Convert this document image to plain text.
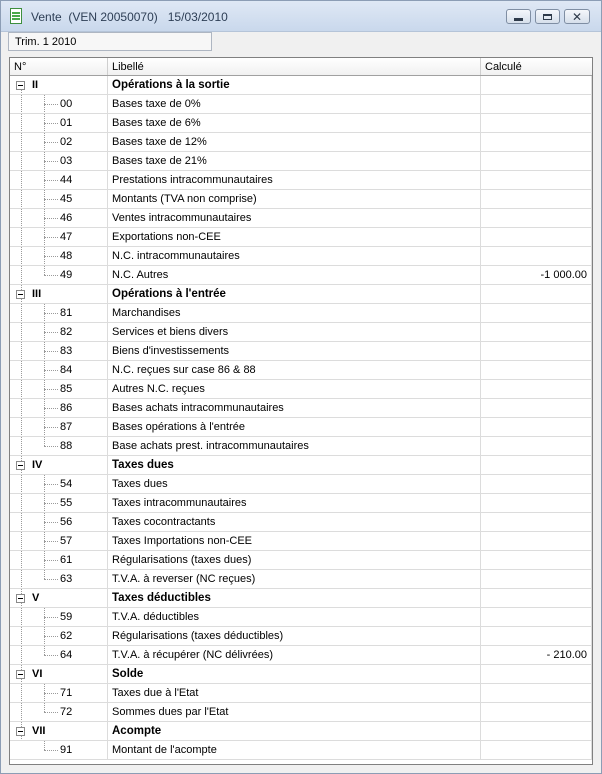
Vente  (VEN 20050070)   15/03/2010	✕
Trim. 1 2010
N°	Libellé	Calculé
II	Opérations à la sortie
00	Bases taxe de 0%
01	Bases taxe de 6%
02	Bases taxe de 12%
03	Bases taxe de 21%
44	Prestations intracommunautaires
45	Montants (TVA non comprise)
46	Ventes intracommunautaires
47	Exportations non-CEE
48	N.C. intracommunautaires
49	N.C. Autres	-1 000.00
III	Opérations à l'entrée
81	Marchandises
82	Services et biens divers
83	Biens d'investissements
84	N.C. reçues sur case 86 & 88
85	Autres N.C. reçues
86	Bases achats intracommunautaires
87	Bases opérations à l'entrée
88	Base achats prest. intracommunautaires
IV	Taxes dues
54	Taxes dues
55	Taxes intracommunautaires
56	Taxes cocontractants
57	Taxes Importations non-CEE
61	Régularisations (taxes dues)
63	T.V.A. à reverser (NC reçues)
V	Taxes déductibles
59	T.V.A. déductibles
62	Régularisations (taxes déductibles)
64	T.V.A. à récupérer (NC délivrées)	- 210.00
VI	Solde
71	Taxes due à l'Etat
72	Sommes dues par l'Etat
VII	Acompte
91	Montant de l'acompte
